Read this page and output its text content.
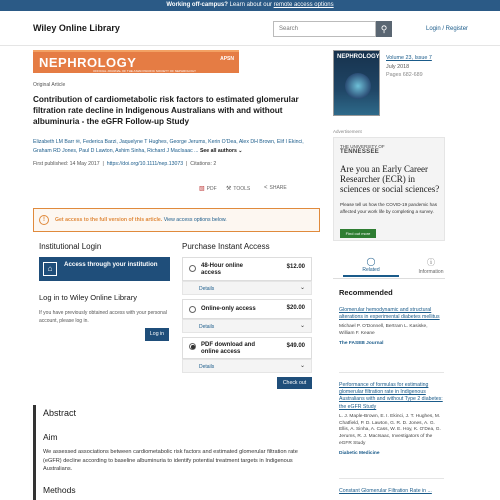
Working off-campus? Learn about our remote access options
Wiley Online Library	Search	⚲	Login / Register
NEPHROLOGY	APSN
OFFICIAL JOURNAL OF THE ASIAN PACIFIC SOCIETY OF NEPHROLOGY
Original Article
Contribution of cardiometabolic risk factors to estimated glomerular filtration rate decline in Indigenous Australians with and without albuminuria - the eGFR Follow-up Study
Elizabeth LM Barr ✉, Federica Barzi, Jaquelyne T Hughes, George Jerums, Kerin O'Dea, Alex DH Brown, Elif I Ekinci, Graham RD Jones, Paul D Lawton, Ashim Sinha, Richard J MacIsaac ... See all authors ⌄
First published: 14 May 2017  |  https://doi.org/10.1111/nep.13073  |  Citations: 2
▧ PDF ⚒ TOOLS < SHARE
!	Get access to the full version of this article. View access options below.
Institutional Login
⌂	Access through your institution
Log in to Wiley Online Library
If you have previously obtained access with your personal account, please log in.
Log in
Purchase Instant Access
48-Hour online access
$12.00
Details	⌄
Online-only access	$20.00
Details	⌄
PDF download and online access
$49.00
Details	⌄
Check out
Abstract
Aim
We assessed associations between cardiometabolic risk factors and estimated glomerular filtration rate (eGFR) decline according to baseline albuminuria to identify potential treatment targets in Indigenous Australians.
Methods
NEPHROLOGY Volume 23, Issue 7
July 2018
Pages 682-689
Advertisement
THE UNIVERSITY OF
TENNESSEE
Are you an Early Career Researcher (ECR) in sciences or social sciences?
Please tell us how the COVID-19 pandemic has affected your work life by completing a survey.
Find out more
◯
Related
ⓘ
Information
Recommended
Glomerular hemodynamic and structural alterations in experimental diabetes mellitus
Michael P. O'Donnell, Bertram L. Kasiske, William F. Keane
The FASEB Journal
Performance of formulas for estimating glomerular filtration rate in Indigenous Australians with and without Type 2 diabetes: the eGFR Study
L. J. Maple-Brown, E. I. Ekinci, J. T. Hughes, M. Chatfield, P. D. Lawton, G. R. D. Jones, A. G. Ellis, A. Sinha, A. Cass, W. E. Hoy, K. O'Dea, G. Jerums, R. J. MacIsaac, Investigators of the eGFR Study
Diabetic Medicine
Constant Glomerular Filtration Rate in ...
